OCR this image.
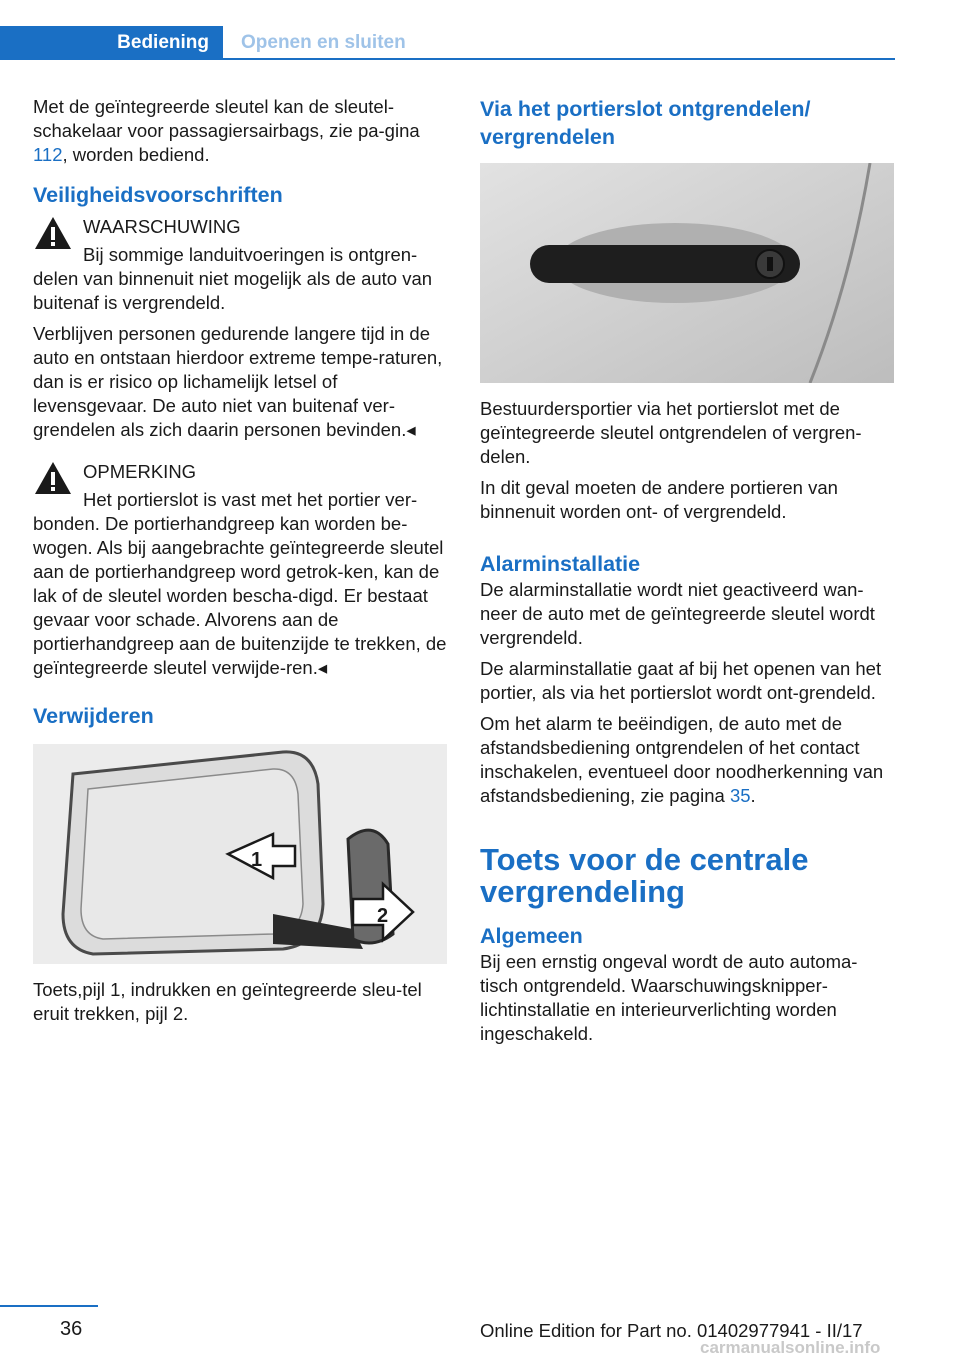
Bediening	Openen en sluiten

Met de geïntegreerde sleutel kan de sleutel-schakelaar voor passagiersairbags, zie pa-gina 112, worden bediend.

Veiligheidsvoorschriften
WAARSCHUWING

Bij sommige landuitvoeringen is ontgren-delen van binnenuit niet mogelijk als de auto van buitenaf is vergrendeld.

Verblijven personen gedurende langere tijd in de auto en ontstaan hierdoor extreme tempe-raturen, dan is er risico op lichamelijk letsel of levensgevaar. De auto niet van buitenaf ver-grendelen als zich daarin personen bevinden.◂

OPMERKING

Het portierslot is vast met het portier ver-bonden. De portierhandgreep kan worden be-wogen. Als bij aangebrachte geïntegreerde sleutel aan de portierhandgreep word getrok-ken, kan de lak of de sleutel worden bescha-digd. Er bestaat gevaar voor schade. Alvorens aan de portierhandgreep aan de buitenzijde te trekken, de geïntegreerde sleutel verwijde-ren.◂

Verwijderen
1
2

Toets,pijl 1, indrukken en geïntegreerde sleu-tel eruit trekken, pijl 2.

Via het portierslot ontgrendelen/ vergrendelen

Bestuurdersportier via het portierslot met de geïntegreerde sleutel ontgrendelen of vergren-delen.

In dit geval moeten de andere portieren van binnenuit worden ont- of vergrendeld.

Alarminstallatie

De alarminstallatie wordt niet geactiveerd wan-neer de auto met de geïntegreerde sleutel wordt vergrendeld.

De alarminstallatie gaat af bij het openen van het portier, als via het portierslot wordt ont-grendeld.

Om het alarm te beëindigen, de auto met de afstandsbediening ontgrendelen of het contact inschakelen, eventueel door noodherkenning van afstandsbediening, zie pagina 35.

Toets voor de centrale vergrendeling
Algemeen

Bij een ernstig ongeval wordt de auto automa-tisch ontgrendeld. Waarschuwingsknipper-lichtinstallatie en interieurverlichting worden ingeschakeld.

36	Online Edition for Part no. 01402977941 - II/17
carmanualsonline.info
